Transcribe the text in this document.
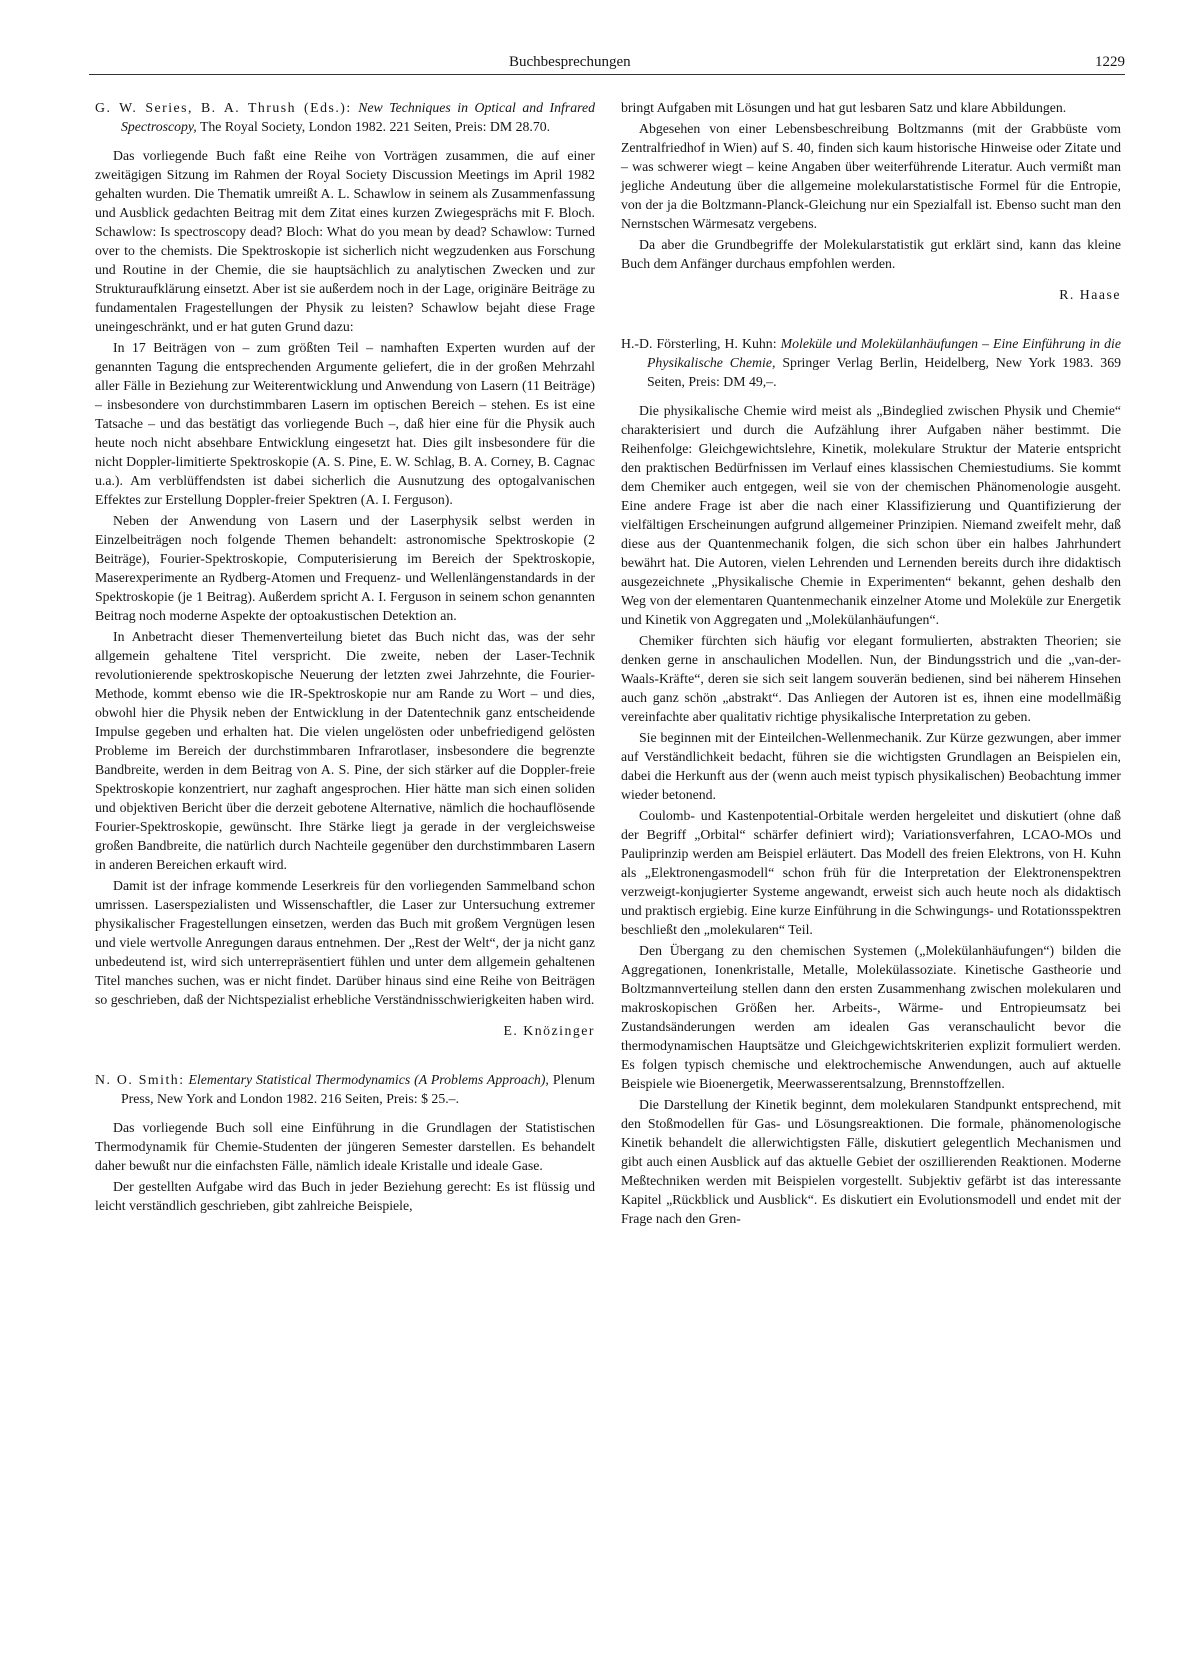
Buchbesprechungen	1229

G. W. Series, B. A. Thrush (Eds.): New Techniques in Optical and Infrared Spectroscopy, The Royal Society, London 1982. 221 Seiten, Preis: DM 28.70.

Das vorliegende Buch faßt eine Reihe von Vorträgen zusammen, die auf einer zweitägigen Sitzung im Rahmen der Royal Society Discussion Meetings im April 1982 gehalten wurden. Die Thematik umreißt A. L. Schawlow in seinem als Zusammenfassung und Ausblick gedachten Beitrag mit dem Zitat eines kurzen Zwiegesprächs mit F. Bloch. Schawlow: Is spectroscopy dead? Bloch: What do you mean by dead? Schawlow: Turned over to the chemists. Die Spektroskopie ist sicherlich nicht wegzudenken aus Forschung und Routine in der Chemie, die sie hauptsächlich zu analytischen Zwecken und zur Strukturaufklärung einsetzt. Aber ist sie außerdem noch in der Lage, originäre Beiträge zu fundamentalen Fragestellungen der Physik zu leisten? Schawlow bejaht diese Frage uneingeschränkt, und er hat guten Grund dazu:

In 17 Beiträgen von – zum größten Teil – namhaften Experten wurden auf der genannten Tagung die entsprechenden Argumente geliefert, die in der großen Mehrzahl aller Fälle in Beziehung zur Weiterentwicklung und Anwendung von Lasern (11 Beiträge) – insbesondere von durchstimmbaren Lasern im optischen Bereich – stehen. Es ist eine Tatsache – und das bestätigt das vorliegende Buch –, daß hier eine für die Physik auch heute noch nicht absehbare Entwicklung eingesetzt hat. Dies gilt insbesondere für die nicht Doppler-limitierte Spektroskopie (A. S. Pine, E. W. Schlag, B. A. Corney, B. Cagnac u.a.). Am verblüffendsten ist dabei sicherlich die Ausnutzung des optogalvanischen Effektes zur Erstellung Doppler-freier Spektren (A. I. Ferguson).

Neben der Anwendung von Lasern und der Laserphysik selbst werden in Einzelbeiträgen noch folgende Themen behandelt: astronomische Spektroskopie (2 Beiträge), Fourier-Spektroskopie, Computerisierung im Bereich der Spektroskopie, Maserexperimente an Rydberg-Atomen und Frequenz- und Wellenlängenstandards in der Spektroskopie (je 1 Beitrag). Außerdem spricht A. I. Ferguson in seinem schon genannten Beitrag noch moderne Aspekte der optoakustischen Detektion an.

In Anbetracht dieser Themenverteilung bietet das Buch nicht das, was der sehr allgemein gehaltene Titel verspricht. Die zweite, neben der Laser-Technik revolutionierende spektroskopische Neuerung der letzten zwei Jahrzehnte, die Fourier-Methode, kommt ebenso wie die IR-Spektroskopie nur am Rande zu Wort – und dies, obwohl hier die Physik neben der Entwicklung in der Datentechnik ganz entscheidende Impulse gegeben und erhalten hat. Die vielen ungelösten oder unbefriedigend gelösten Probleme im Bereich der durchstimmbaren Infrarotlaser, insbesondere die begrenzte Bandbreite, werden in dem Beitrag von A. S. Pine, der sich stärker auf die Doppler-freie Spektroskopie konzentriert, nur zaghaft angesprochen. Hier hätte man sich einen soliden und objektiven Bericht über die derzeit gebotene Alternative, nämlich die hochauflösende Fourier-Spektroskopie, gewünscht. Ihre Stärke liegt ja gerade in der vergleichsweise großen Bandbreite, die natürlich durch Nachteile gegenüber den durchstimmbaren Lasern in anderen Bereichen erkauft wird.

Damit ist der infrage kommende Leserkreis für den vorliegenden Sammelband schon umrissen. Laserspezialisten und Wissenschaftler, die Laser zur Untersuchung extremer physikalischer Fragestellungen einsetzen, werden das Buch mit großem Vergnügen lesen und viele wertvolle Anregungen daraus entnehmen. Der „Rest der Welt“, der ja nicht ganz unbedeutend ist, wird sich unterrepräsentiert fühlen und unter dem allgemein gehaltenen Titel manches suchen, was er nicht findet. Darüber hinaus sind eine Reihe von Beiträgen so geschrieben, daß der Nichtspezialist erhebliche Verständnisschwierigkeiten haben wird.

E. Knözinger

N. O. Smith: Elementary Statistical Thermodynamics (A Problems Approach), Plenum Press, New York and London 1982. 216 Seiten, Preis: $ 25.–.

Das vorliegende Buch soll eine Einführung in die Grundlagen der Statistischen Thermodynamik für Chemie-Studenten der jüngeren Semester darstellen. Es behandelt daher bewußt nur die einfachsten Fälle, nämlich ideale Kristalle und ideale Gase.

Der gestellten Aufgabe wird das Buch in jeder Beziehung gerecht: Es ist flüssig und leicht verständlich geschrieben, gibt zahlreiche Beispiele,

bringt Aufgaben mit Lösungen und hat gut lesbaren Satz und klare Abbildungen.

Abgesehen von einer Lebensbeschreibung Boltzmanns (mit der Grabbüste vom Zentralfriedhof in Wien) auf S. 40, finden sich kaum historische Hinweise oder Zitate und – was schwerer wiegt – keine Angaben über weiterführende Literatur. Auch vermißt man jegliche Andeutung über die allgemeine molekularstatistische Formel für die Entropie, von der ja die Boltzmann-Planck-Gleichung nur ein Spezialfall ist. Ebenso sucht man den Nernstschen Wärmesatz vergebens.

Da aber die Grundbegriffe der Molekularstatistik gut erklärt sind, kann das kleine Buch dem Anfänger durchaus empfohlen werden.

R. Haase

H.-D. Försterling, H. Kuhn: Moleküle und Molekülanhäufungen – Eine Einführung in die Physikalische Chemie, Springer Verlag Berlin, Heidelberg, New York 1983. 369 Seiten, Preis: DM 49,–.

Die physikalische Chemie wird meist als „Bindeglied zwischen Physik und Chemie“ charakterisiert und durch die Aufzählung ihrer Aufgaben näher bestimmt. Die Reihenfolge: Gleichgewichtslehre, Kinetik, molekulare Struktur der Materie entspricht den praktischen Bedürfnissen im Verlauf eines klassischen Chemiestudiums. Sie kommt dem Chemiker auch entgegen, weil sie von der chemischen Phänomenologie ausgeht. Eine andere Frage ist aber die nach einer Klassifizierung und Quantifizierung der vielfältigen Erscheinungen aufgrund allgemeiner Prinzipien. Niemand zweifelt mehr, daß diese aus der Quantenmechanik folgen, die sich schon über ein halbes Jahrhundert bewährt hat. Die Autoren, vielen Lehrenden und Lernenden bereits durch ihre didaktisch ausgezeichnete „Physikalische Chemie in Experimenten“ bekannt, gehen deshalb den Weg von der elementaren Quantenmechanik einzelner Atome und Moleküle zur Energetik und Kinetik von Aggregaten und „Molekülanhäufungen“.

Chemiker fürchten sich häufig vor elegant formulierten, abstrakten Theorien; sie denken gerne in anschaulichen Modellen. Nun, der Bindungsstrich und die „van-der-Waals-Kräfte“, deren sie sich seit langem souverän bedienen, sind bei näherem Hinsehen auch ganz schön „abstrakt“. Das Anliegen der Autoren ist es, ihnen eine modellmäßig vereinfachte aber qualitativ richtige physikalische Interpretation zu geben.

Sie beginnen mit der Einteilchen-Wellenmechanik. Zur Kürze gezwungen, aber immer auf Verständlichkeit bedacht, führen sie die wichtigsten Grundlagen an Beispielen ein, dabei die Herkunft aus der (wenn auch meist typisch physikalischen) Beobachtung immer wieder betonend.

Coulomb- und Kastenpotential-Orbitale werden hergeleitet und diskutiert (ohne daß der Begriff „Orbital“ schärfer definiert wird); Variationsverfahren, LCAO-MOs und Pauliprinzip werden am Beispiel erläutert. Das Modell des freien Elektrons, von H. Kuhn als „Elektronengasmodell“ schon früh für die Interpretation der Elektronenspektren verzweigt-konjugierter Systeme angewandt, erweist sich auch heute noch als didaktisch und praktisch ergiebig. Eine kurze Einführung in die Schwingungs- und Rotationsspektren beschließt den „molekularen“ Teil.

Den Übergang zu den chemischen Systemen („Molekülanhäufungen“) bilden die Aggregationen, Ionenkristalle, Metalle, Molekülassoziate. Kinetische Gastheorie und Boltzmannverteilung stellen dann den ersten Zusammenhang zwischen molekularen und makroskopischen Größen her. Arbeits-, Wärme- und Entropieumsatz bei Zustandsänderungen werden am idealen Gas veranschaulicht bevor die thermodynamischen Hauptsätze und Gleichgewichtskriterien explizit formuliert werden. Es folgen typisch chemische und elektrochemische Anwendungen, auch auf aktuelle Beispiele wie Bioenergetik, Meerwasserentsalzung, Brennstoffzellen.

Die Darstellung der Kinetik beginnt, dem molekularen Standpunkt entsprechend, mit den Stoßmodellen für Gas- und Lösungsreaktionen. Die formale, phänomenologische Kinetik behandelt die allerwichtigsten Fälle, diskutiert gelegentlich Mechanismen und gibt auch einen Ausblick auf das aktuelle Gebiet der oszillierenden Reaktionen. Moderne Meßtechniken werden mit Beispielen vorgestellt. Subjektiv gefärbt ist das interessante Kapitel „Rückblick und Ausblick“. Es diskutiert ein Evolutionsmodell und endet mit der Frage nach den Gren-
